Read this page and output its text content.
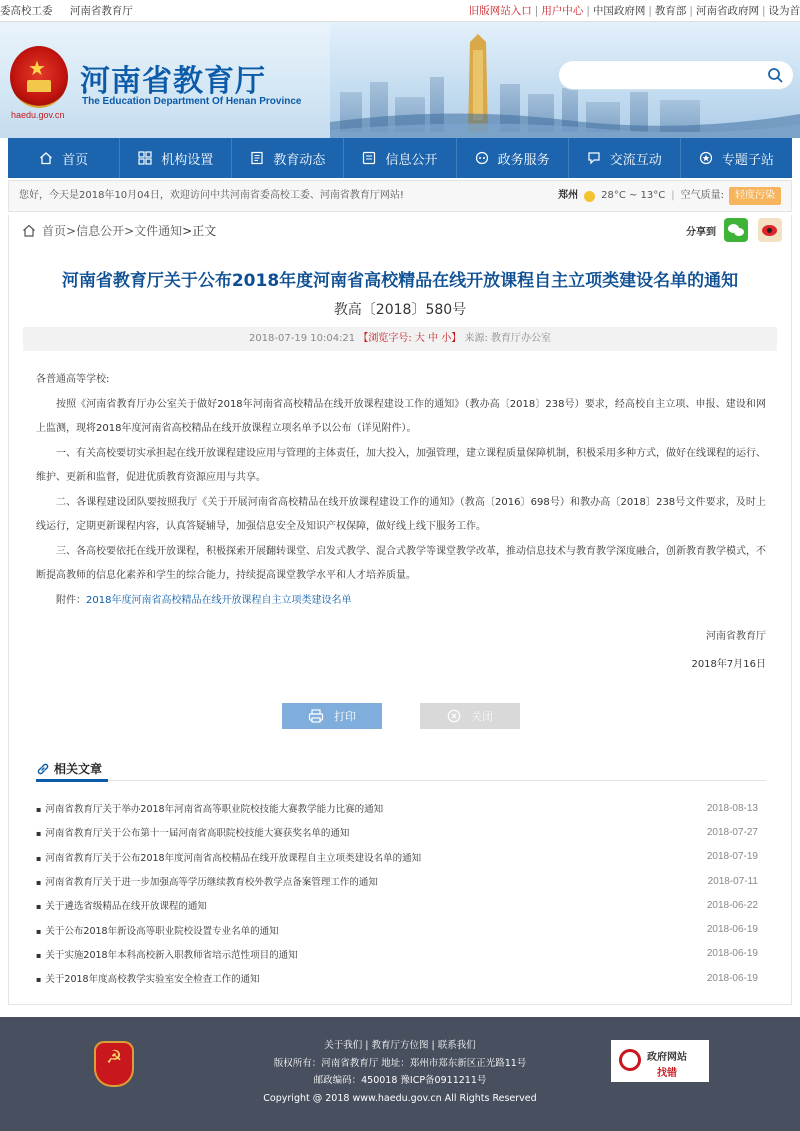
委高校工委 河南省教育厅	旧版网站入口 | 用户中心 | 中国政府网 | 教育部 | 河南省政府网 | 设为首
★
haedu.gov.cn
河南省教育厅
The Education Department Of Henan Province
首页	机构设置	教育动态	信息公开	政务服务	交流互动	专题子站
您好，今天是2018年10月04日，欢迎访问中共河南省委高校工委、河南省教育厅网站!	郑州 28°C ~ 13°C | 空气质量:	轻度污染
首页 >信息公开 >文件通知 >正文	分享到
河南省教育厅关于公布2018年度河南省高校精品在线开放课程自主立项类建设名单的通知
教高〔2018〕580号
2018-07-19 10:04:21 【浏览字号: 大 中 小】 来源: 教育厅办公室

各普通高等学校:

按照《河南省教育厅办公室关于做好2018年河南省高校精品在线开放课程建设工作的通知》（教办高〔2018〕238号）要求，经高校自主立项、申报、建设和网上监测，现将2018年度河南省高校精品在线开放课程立项名单予以公布（详见附件）。

一、有关高校要切实承担起在线开放课程建设应用与管理的主体责任，加大投入，加强管理，建立课程质量保障机制，积极采用多种方式，做好在线课程的运行、维护、更新和监督，促进优质教育资源应用与共享。

二、各课程建设团队要按照我厅《关于开展河南省高校精品在线开放课程建设工作的通知》（教高〔2016〕698号）和教办高〔2018〕238号文件要求，及时上线运行，定期更新课程内容，认真答疑辅导，加强信息安全及知识产权保障，做好线上线下服务工作。

三、各高校要依托在线开放课程，积极探索开展翻转课堂、启发式教学、混合式教学等课堂教学改革，推动信息技术与教育教学深度融合，创新教育教学模式，不断提高教师的信息化素养和学生的综合能力，持续提高课堂教学水平和人才培养质量。

附件：2018年度河南省高校精品在线开放课程自主立项类建设名单

河南省教育厅
2018年7月16日
打印	关闭
相关文章
▪ 河南省教育厅关于举办2018年河南省高等职业院校技能大赛教学能力比赛的通知	2018-08-13
▪ 河南省教育厅关于公布第十一届河南省高职院校技能大赛获奖名单的通知	2018-07-27
▪ 河南省教育厅关于公布2018年度河南省高校精品在线开放课程自主立项类建设名单的通知	2018-07-19
▪ 河南省教育厅关于进一步加强高等学历继续教育校外教学点备案管理工作的通知	2018-07-11
▪ 关于遴选省级精品在线开放课程的通知	2018-06-22
▪ 关于公布2018年新设高等职业院校设置专业名单的通知	2018-06-19
▪ 关于实施2018年本科高校新入职教师省培示范性项目的通知	2018-06-19
▪ 关于2018年度高校教学实验室安全检查工作的通知	2018-06-19
☭
关于我们 | 教育厅方位图 | 联系我们
版权所有：河南省教育厅 地址：郑州市郑东新区正光路11号
邮政编码：450018 豫ICP备0911211号
Copyright @ 2018 www.haedu.gov.cn All Rights Reserved
政府网站
找错
